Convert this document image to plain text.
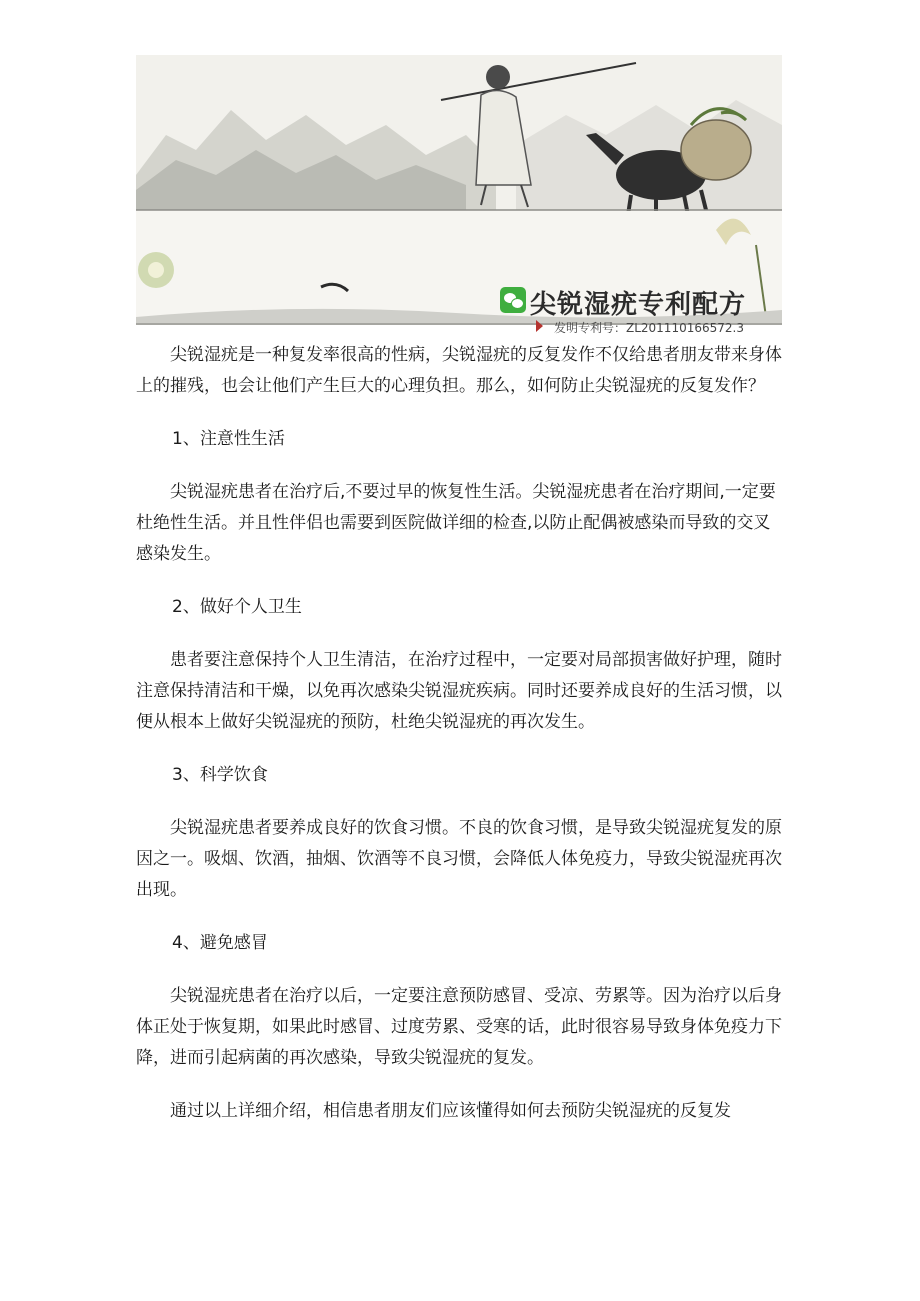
尖锐湿疣专利配方
发明专利号：ZL201110166572.3

尖锐湿疣是一种复发率很高的性病，尖锐湿疣的反复发作不仅给患者朋友带来身体上的摧残，也会让他们产生巨大的心理负担。那么，如何防止尖锐湿疣的反复发作？

1、注意性生活

尖锐湿疣患者在治疗后,不要过早的恢复性生活。尖锐湿疣患者在治疗期间,一定要杜绝性生活。并且性伴侣也需要到医院做详细的检查,以防止配偶被感染而导致的交叉感染发生。

2、做好个人卫生

患者要注意保持个人卫生清洁，在治疗过程中，一定要对局部损害做好护理，随时注意保持清洁和干燥，以免再次感染尖锐湿疣疾病。同时还要养成良好的生活习惯，以便从根本上做好尖锐湿疣的预防，杜绝尖锐湿疣的再次发生。

3、科学饮食

尖锐湿疣患者要养成良好的饮食习惯。不良的饮食习惯，是导致尖锐湿疣复发的原因之一。吸烟、饮酒，抽烟、饮酒等不良习惯，会降低人体免疫力，导致尖锐湿疣再次出现。

4、避免感冒

尖锐湿疣患者在治疗以后，一定要注意预防感冒、受凉、劳累等。因为治疗以后身体正处于恢复期，如果此时感冒、过度劳累、受寒的话，此时很容易导致身体免疫力下降，进而引起病菌的再次感染，导致尖锐湿疣的复发。

通过以上详细介绍，相信患者朋友们应该懂得如何去预防尖锐湿疣的反复发
